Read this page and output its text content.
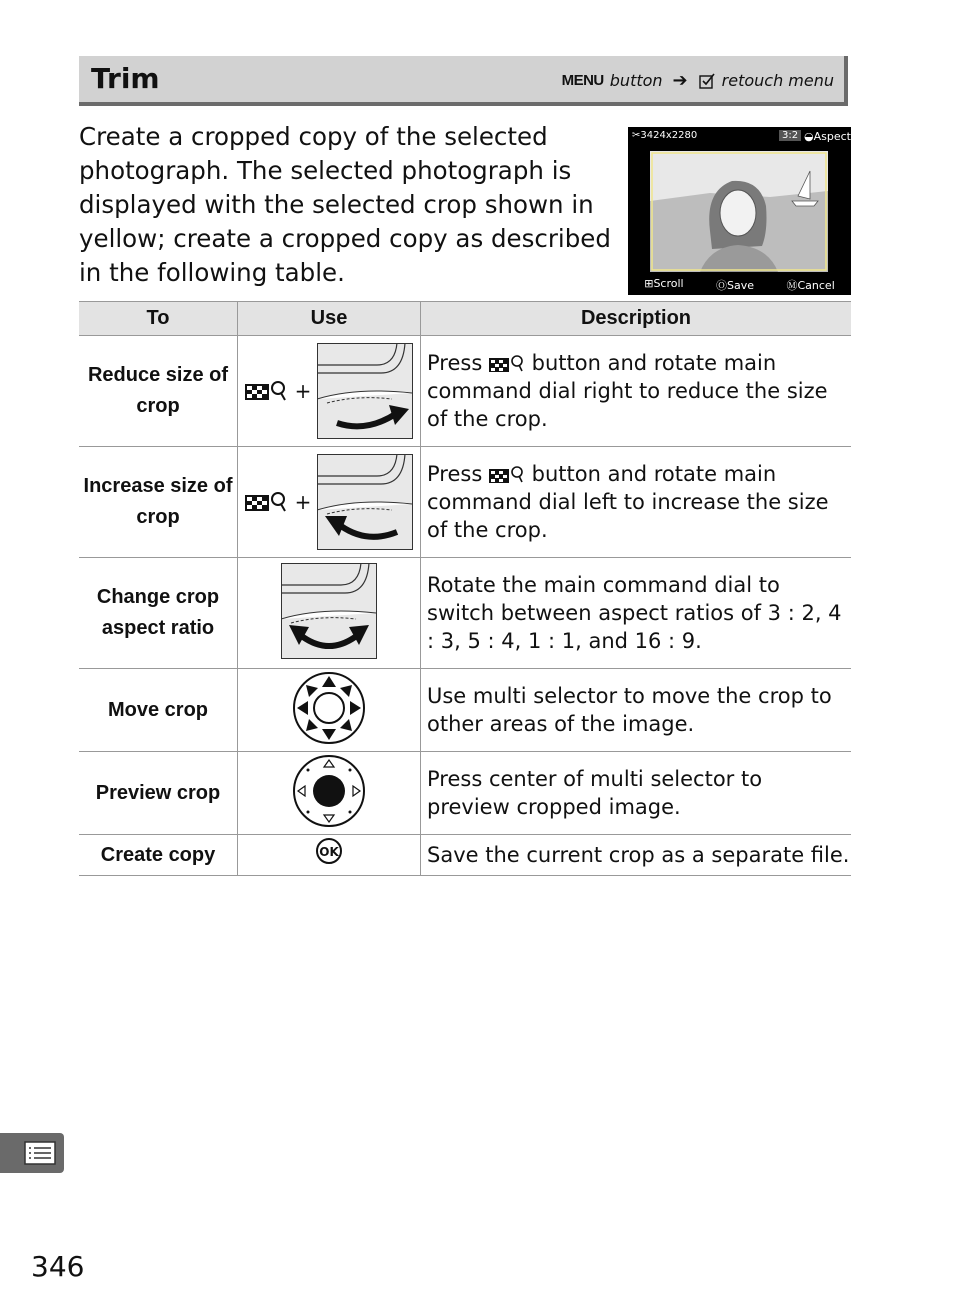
Trim	MENU button ➔ retouch menu
Create a cropped copy of the selected photograph. The selected photograph is displayed with the selected crop shown in yellow; create a cropped copy as described in the following table.
✂3424x2280	3:2 ◒Aspect
⊞Scroll	ⓄSave	ⓂCancel
To	Use	Description

Reduce size of
crop	+	Press  button and rotate main command dial right to reduce the size of the crop.

Increase size of
crop	+	Press  button and rotate main command dial left to increase the size of the crop.

Change crop
aspect ratio		Rotate the main command dial to switch between aspect ratios of 3 : 2, 4 : 3, 5 : 4, 1 : 1, and 16 : 9.
Move crop		Use multi selector to move the crop to other areas of the image.
Preview crop		Press center of multi selector to preview cropped image.
Create copy	OK	Save the current crop as a separate file.
346
